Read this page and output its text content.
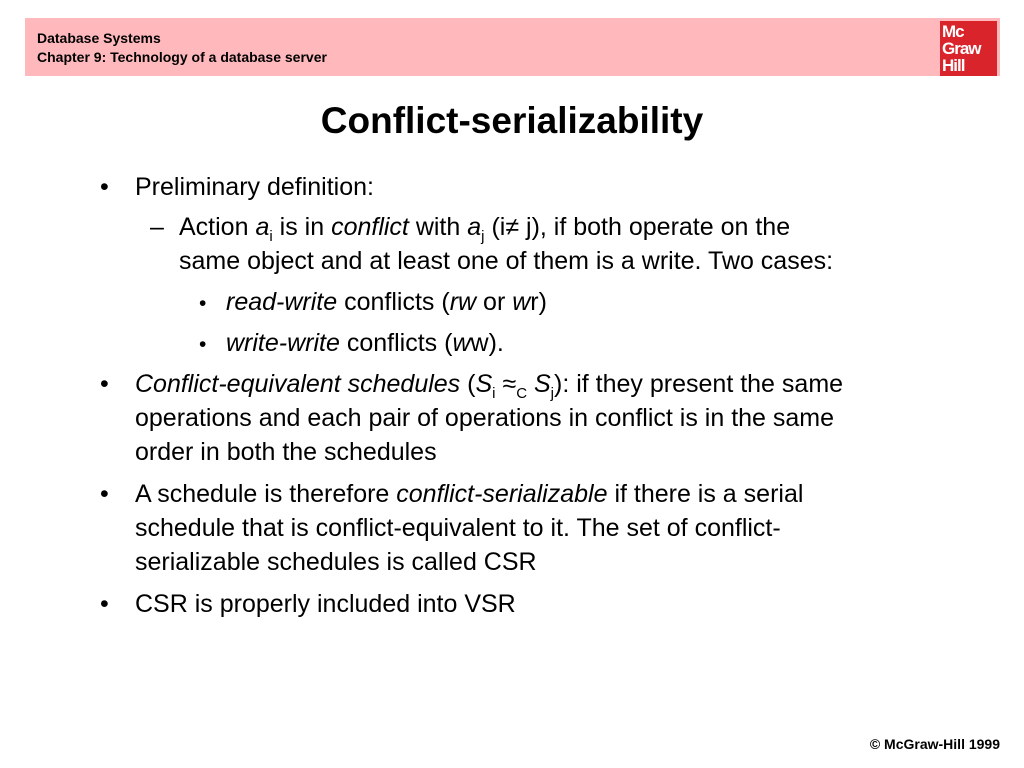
Database Systems
Chapter 9: Technology of a database server
Mc
Graw
Hill
Conflict-serializability
• Preliminary definition:
– Action $a_i$ is in conflict with $a_j$ (i≠ j), if both operate on the
same object and at least one of them is a write. Two cases:
• read-write conflicts (rw or wr)
• write-write conflicts (ww).
• Conflict-equivalent schedules ($S_i \approx_C$ $S_j$): if they present the same
operations and each pair of operations in conflict is in the same
order in both the schedules
• A schedule is therefore conflict-serializable if there is a serial
schedule that is conflict-equivalent to it. The set of conflict-
serializable schedules is called CSR
• CSR is properly included into VSR
© McGraw-Hill 1999
